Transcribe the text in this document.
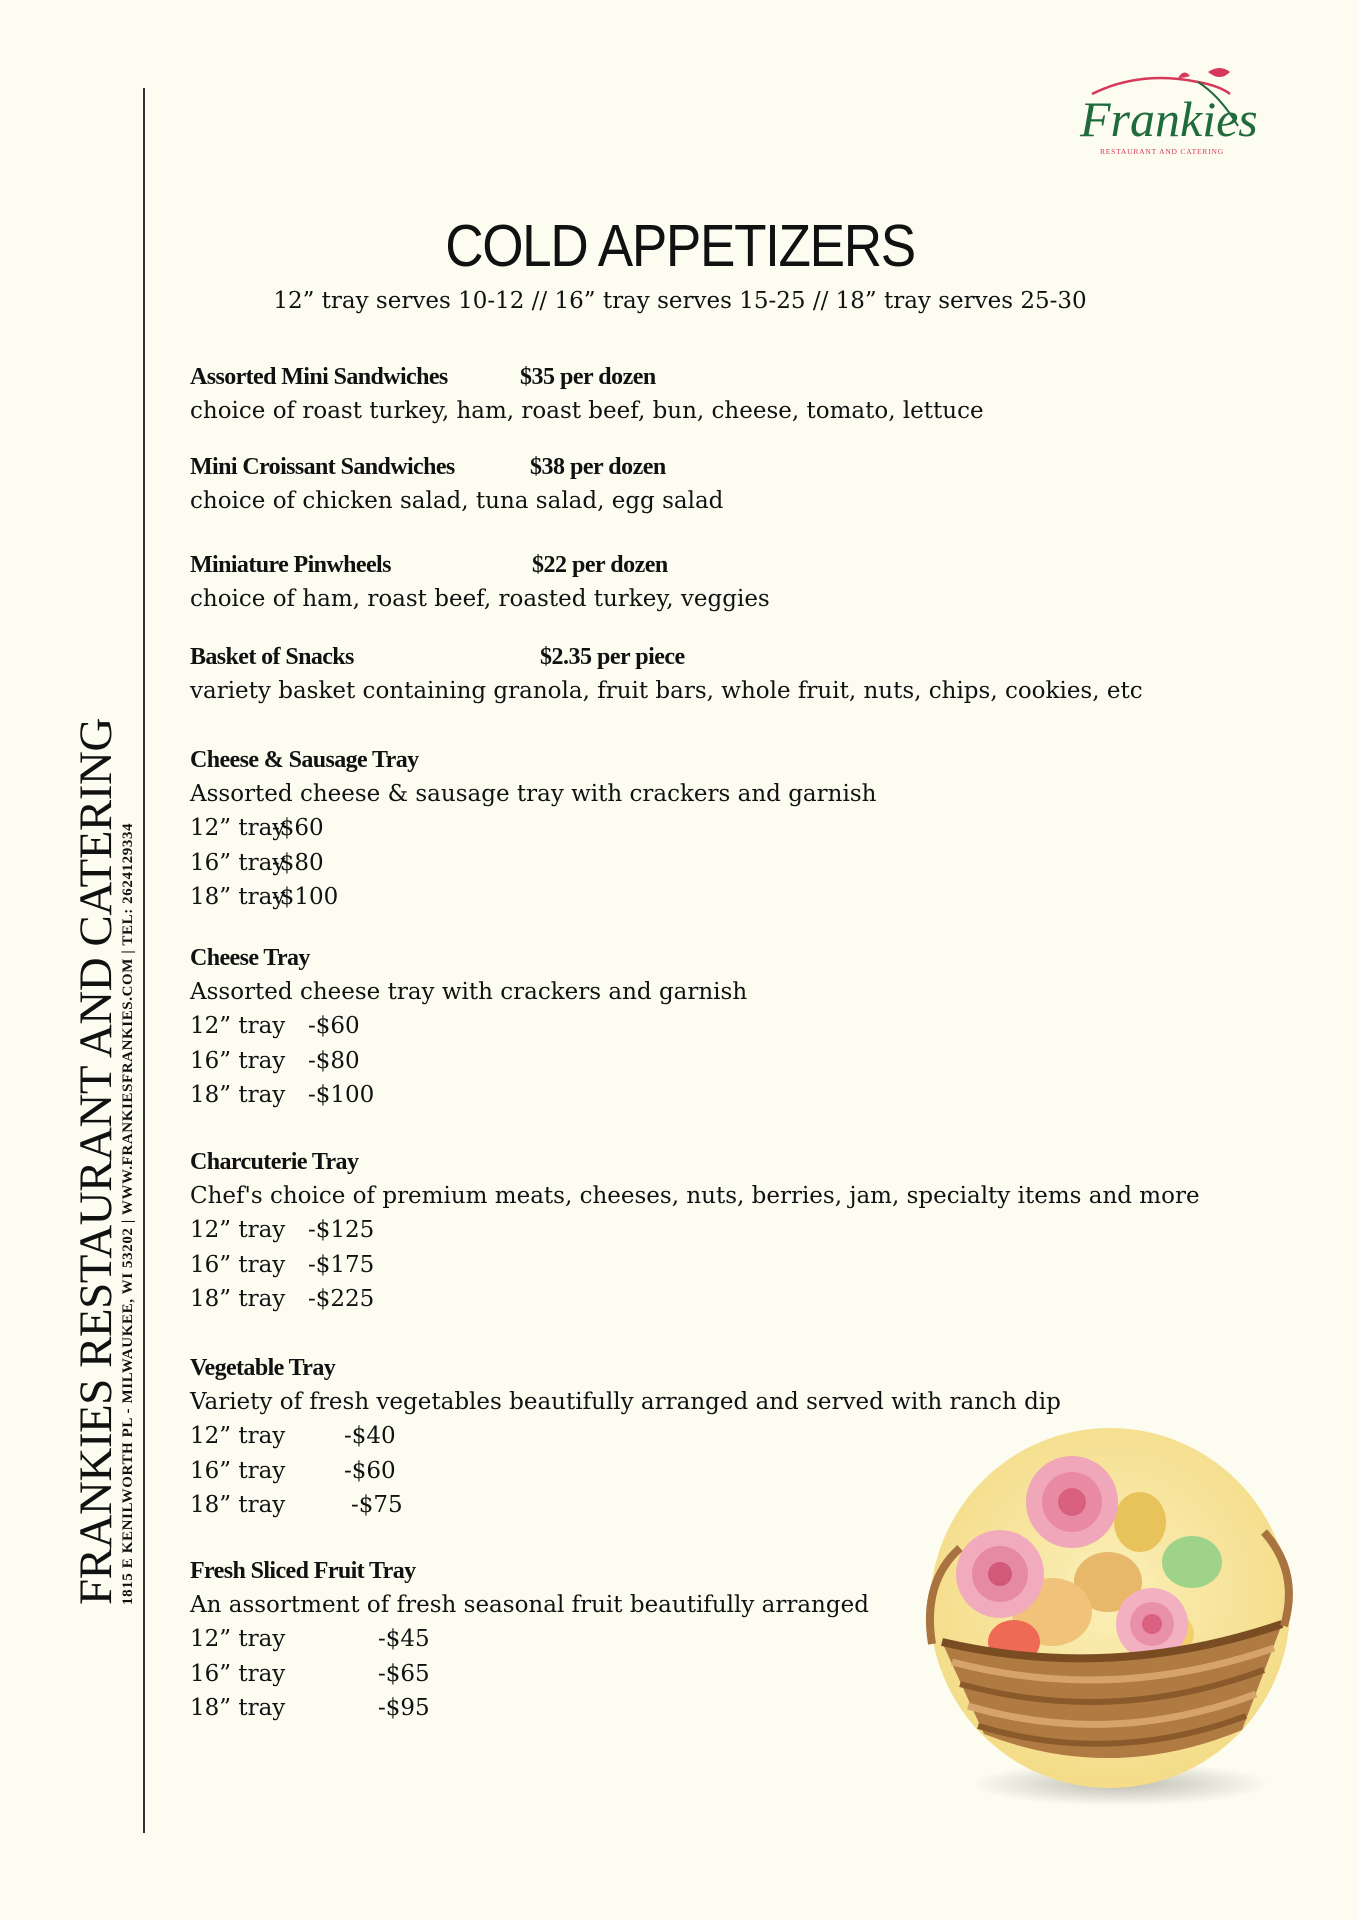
FRANKIES RESTAURANT AND CATERING
1815 E KENILWORTH PL - MILWAUKEE, WI 53202 | WWW.FRANKIESFRANKIES.COM | TEL: 2624129334
Frankies
RESTAURANT AND CATERING
COLD APPETIZERS

12” tray serves 10-12 // 16” tray serves 15-25 // 18” tray serves 25-30

Assorted Mini Sandwiches	$35 per dozen
choice of roast turkey, ham, roast beef, bun, cheese, tomato, lettuce
Mini Croissant Sandwiches	$38 per dozen
choice of chicken salad, tuna salad, egg salad
Miniature Pinwheels	$22 per dozen
choice of ham, roast beef, roasted turkey, veggies
Basket of Snacks	$2.35 per piece
variety basket containing granola, fruit bars, whole fruit, nuts, chips, cookies, etc
Cheese & Sausage Tray
Assorted cheese & sausage tray with crackers and garnish
12” tray-$60
16” tray-$80
18” tray-$100
Cheese Tray
Assorted cheese tray with crackers and garnish
12” tray -$60
16” tray -$80
18” tray -$100
Charcuterie Tray
Chef's choice of premium meats, cheeses, nuts, berries, jam, specialty items and more
12” tray -$125
16” tray -$175
18” tray -$225
Vegetable Tray
Variety of fresh vegetables beautifully arranged and served with ranch dip
12” tray	-$40
16” tray	-$60
18” tray	-$75
Fresh Sliced Fruit Tray
An assortment of fresh seasonal fruit beautifully arranged
12” tray	-$45
16” tray	-$65
18” tray	-$95
